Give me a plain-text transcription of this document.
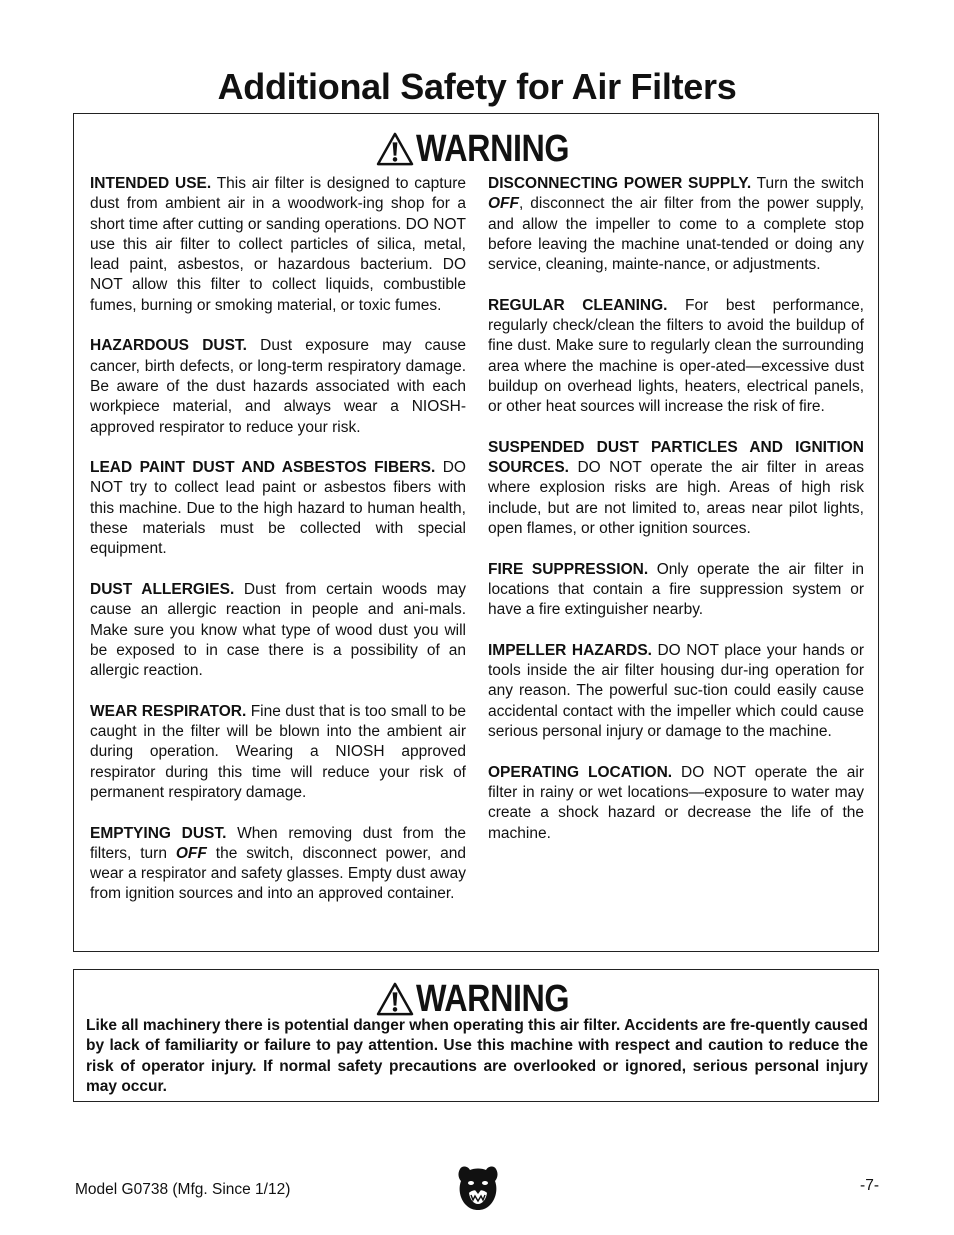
Additional Safety for Air Filters
WARNING

INTENDED USE. This air filter is designed to capture dust from ambient air in a woodwork-ing shop for a short time after cutting or sanding operations. DO NOT use this air filter to collect particles of silica, metal, lead paint, asbestos, or hazardous bacterium. DO NOT allow this filter to collect liquids, combustible fumes, burning or smoking material, or toxic fumes.

HAZARDOUS DUST. Dust exposure may cause cancer, birth defects, or long-term respiratory damage. Be aware of the dust hazards associated with each workpiece material, and always wear a NIOSH-approved respirator to reduce your risk.

LEAD PAINT DUST AND ASBESTOS FIBERS. DO NOT try to collect lead paint or asbestos fibers with this machine. Due to the high hazard to human health, these materials must be collected with special equipment.

DUST ALLERGIES. Dust from certain woods may cause an allergic reaction in people and ani-mals. Make sure you know what type of wood dust you will be exposed to in case there is a possibility of an allergic reaction.

WEAR RESPIRATOR. Fine dust that is too small to be caught in the filter will be blown into the ambient air during operation. Wearing a NIOSH approved respirator during this time will reduce your risk of permanent respiratory damage.

EMPTYING DUST. When removing dust from the filters, turn OFF the switch, disconnect power, and wear a respirator and safety glasses. Empty dust away from ignition sources and into an approved container.

DISCONNECTING POWER SUPPLY. Turn the switch OFF, disconnect the air filter from the power supply, and allow the impeller to come to a complete stop before leaving the machine unat-tended or doing any service, cleaning, mainte-nance, or adjustments.

REGULAR CLEANING. For best performance, regularly check/clean the filters to avoid the buildup of fine dust. Make sure to regularly clean the surrounding area where the machine is oper-ated—excessive dust buildup on overhead lights, heaters, electrical panels, or other heat sources will increase the risk of fire.

SUSPENDED DUST PARTICLES AND IGNITION SOURCES. DO NOT operate the air filter in areas where explosion risks are high. Areas of high risk include, but are not limited to, areas near pilot lights, open flames, or other ignition sources.

FIRE SUPPRESSION. Only operate the air filter in locations that contain a fire suppression system or have a fire extinguisher nearby.

IMPELLER HAZARDS. DO NOT place your hands or tools inside the air filter housing dur-ing operation for any reason. The powerful suc-tion could easily cause accidental contact with the impeller which could cause serious personal injury or damage to the machine.

OPERATING LOCATION. DO NOT operate the air filter in rainy or wet locations—exposure to water may create a shock hazard or decrease the life of the machine.

WARNING
Like all machinery there is potential danger when operating this air filter. Accidents are fre-quently caused by lack of familiarity or failure to pay attention. Use this machine with respect and caution to reduce the risk of operator injury. If normal safety precautions are overlooked or ignored, serious personal injury may occur.
Model G0738 (Mfg. Since 1/12)	-7-
